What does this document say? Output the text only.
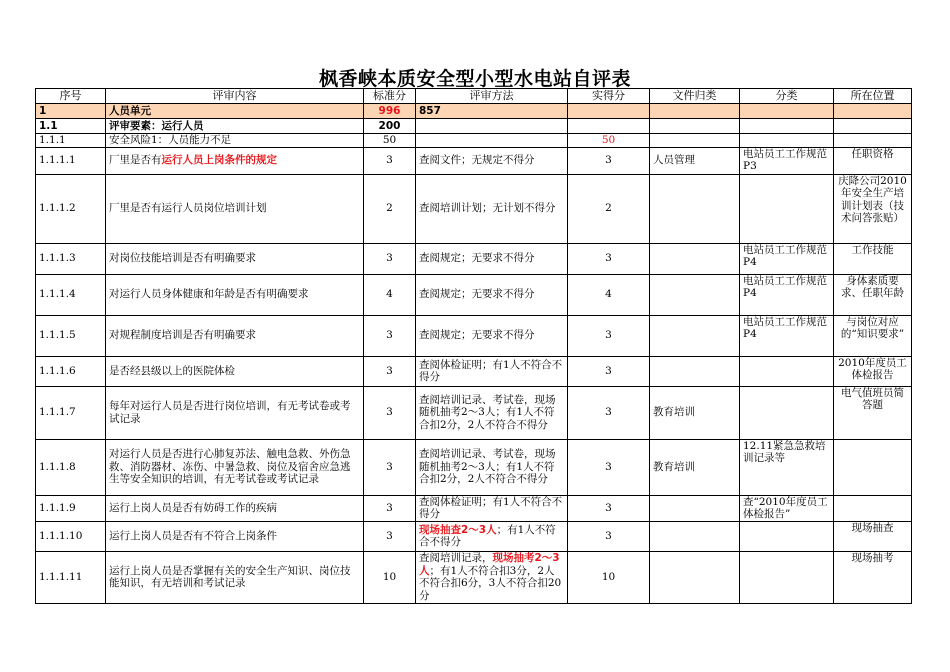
枫香峡本质安全型小型水电站自评表
序号	评审内容	标准分	评审方法	实得分	文件归类	分类	所在位置
1	人员单元	996	857				
1.1	评审要素：运行人员	200					
1.1.1	安全风险1：人员能力不足	50		50			
1.1.1.1	厂里是否有运行人员上岗条件的规定	3	查阅文件；无规定不得分	3	人员管理	电站员工工作规范P3	任职资格
1.1.1.2	厂里是否有运行人员岗位培训计划	2	查阅培训计划；无计划不得分	2			庆降公司2010年安全生产培训计划表（技术问答张贴）
1.1.1.3	对岗位技能培训是否有明确要求	3	查阅规定；无要求不得分	3		电站员工工作规范P4	工作技能
1.1.1.4	对运行人员身体健康和年龄是否有明确要求	4	查阅规定；无要求不得分	4		电站员工工作规范P4	身体素质要求、任职年龄
1.1.1.5	对规程制度培训是否有明确要求	3	查阅规定；无要求不得分	3		电站员工工作规范P4	与岗位对应的“知识要求”
1.1.1.6	是否经县级以上的医院体检	3	查阅体检证明；有1人不符合不得分	3			2010年度员工体检报告
1.1.1.7	每年对运行人员是否进行岗位培训，有无考试卷或考试记录	3	查阅培训记录、考试卷，现场随机抽考2～3人；有1人不符合扣2分，2人不符合不得分	3	教育培训		电气值班员简答题
1.1.1.8	对运行人员是否进行心肺复苏法、触电急救、外伤急救、消防器材、冻伤、中暑急救、岗位及宿舍应急逃生等安全知识的培训，有无考试卷或考试记录	3	查阅培训记录、考试卷，现场随机抽考2～3人；有1人不符合扣2分，2人不符合不得分	3	教育培训	12.11紧急急救培训记录等	
1.1.1.9	运行上岗人员是否有妨碍工作的疾病	3	查阅体检证明；有1人不符合不得分	3		查“2010年度员工体检报告”	
1.1.1.10	运行上岗人员是否有不符合上岗条件	3	现场抽查2～3人；有1人不符合不得分	3			现场抽查
1.1.1.11	运行上岗人员是否掌握有关的安全生产知识、岗位技能知识，有无培训和考试记录	10	查阅培训记录，现场抽考2～3人；有1人不符合扣3分，2人不符合扣6分，3人不符合扣20分	10			现场抽考
